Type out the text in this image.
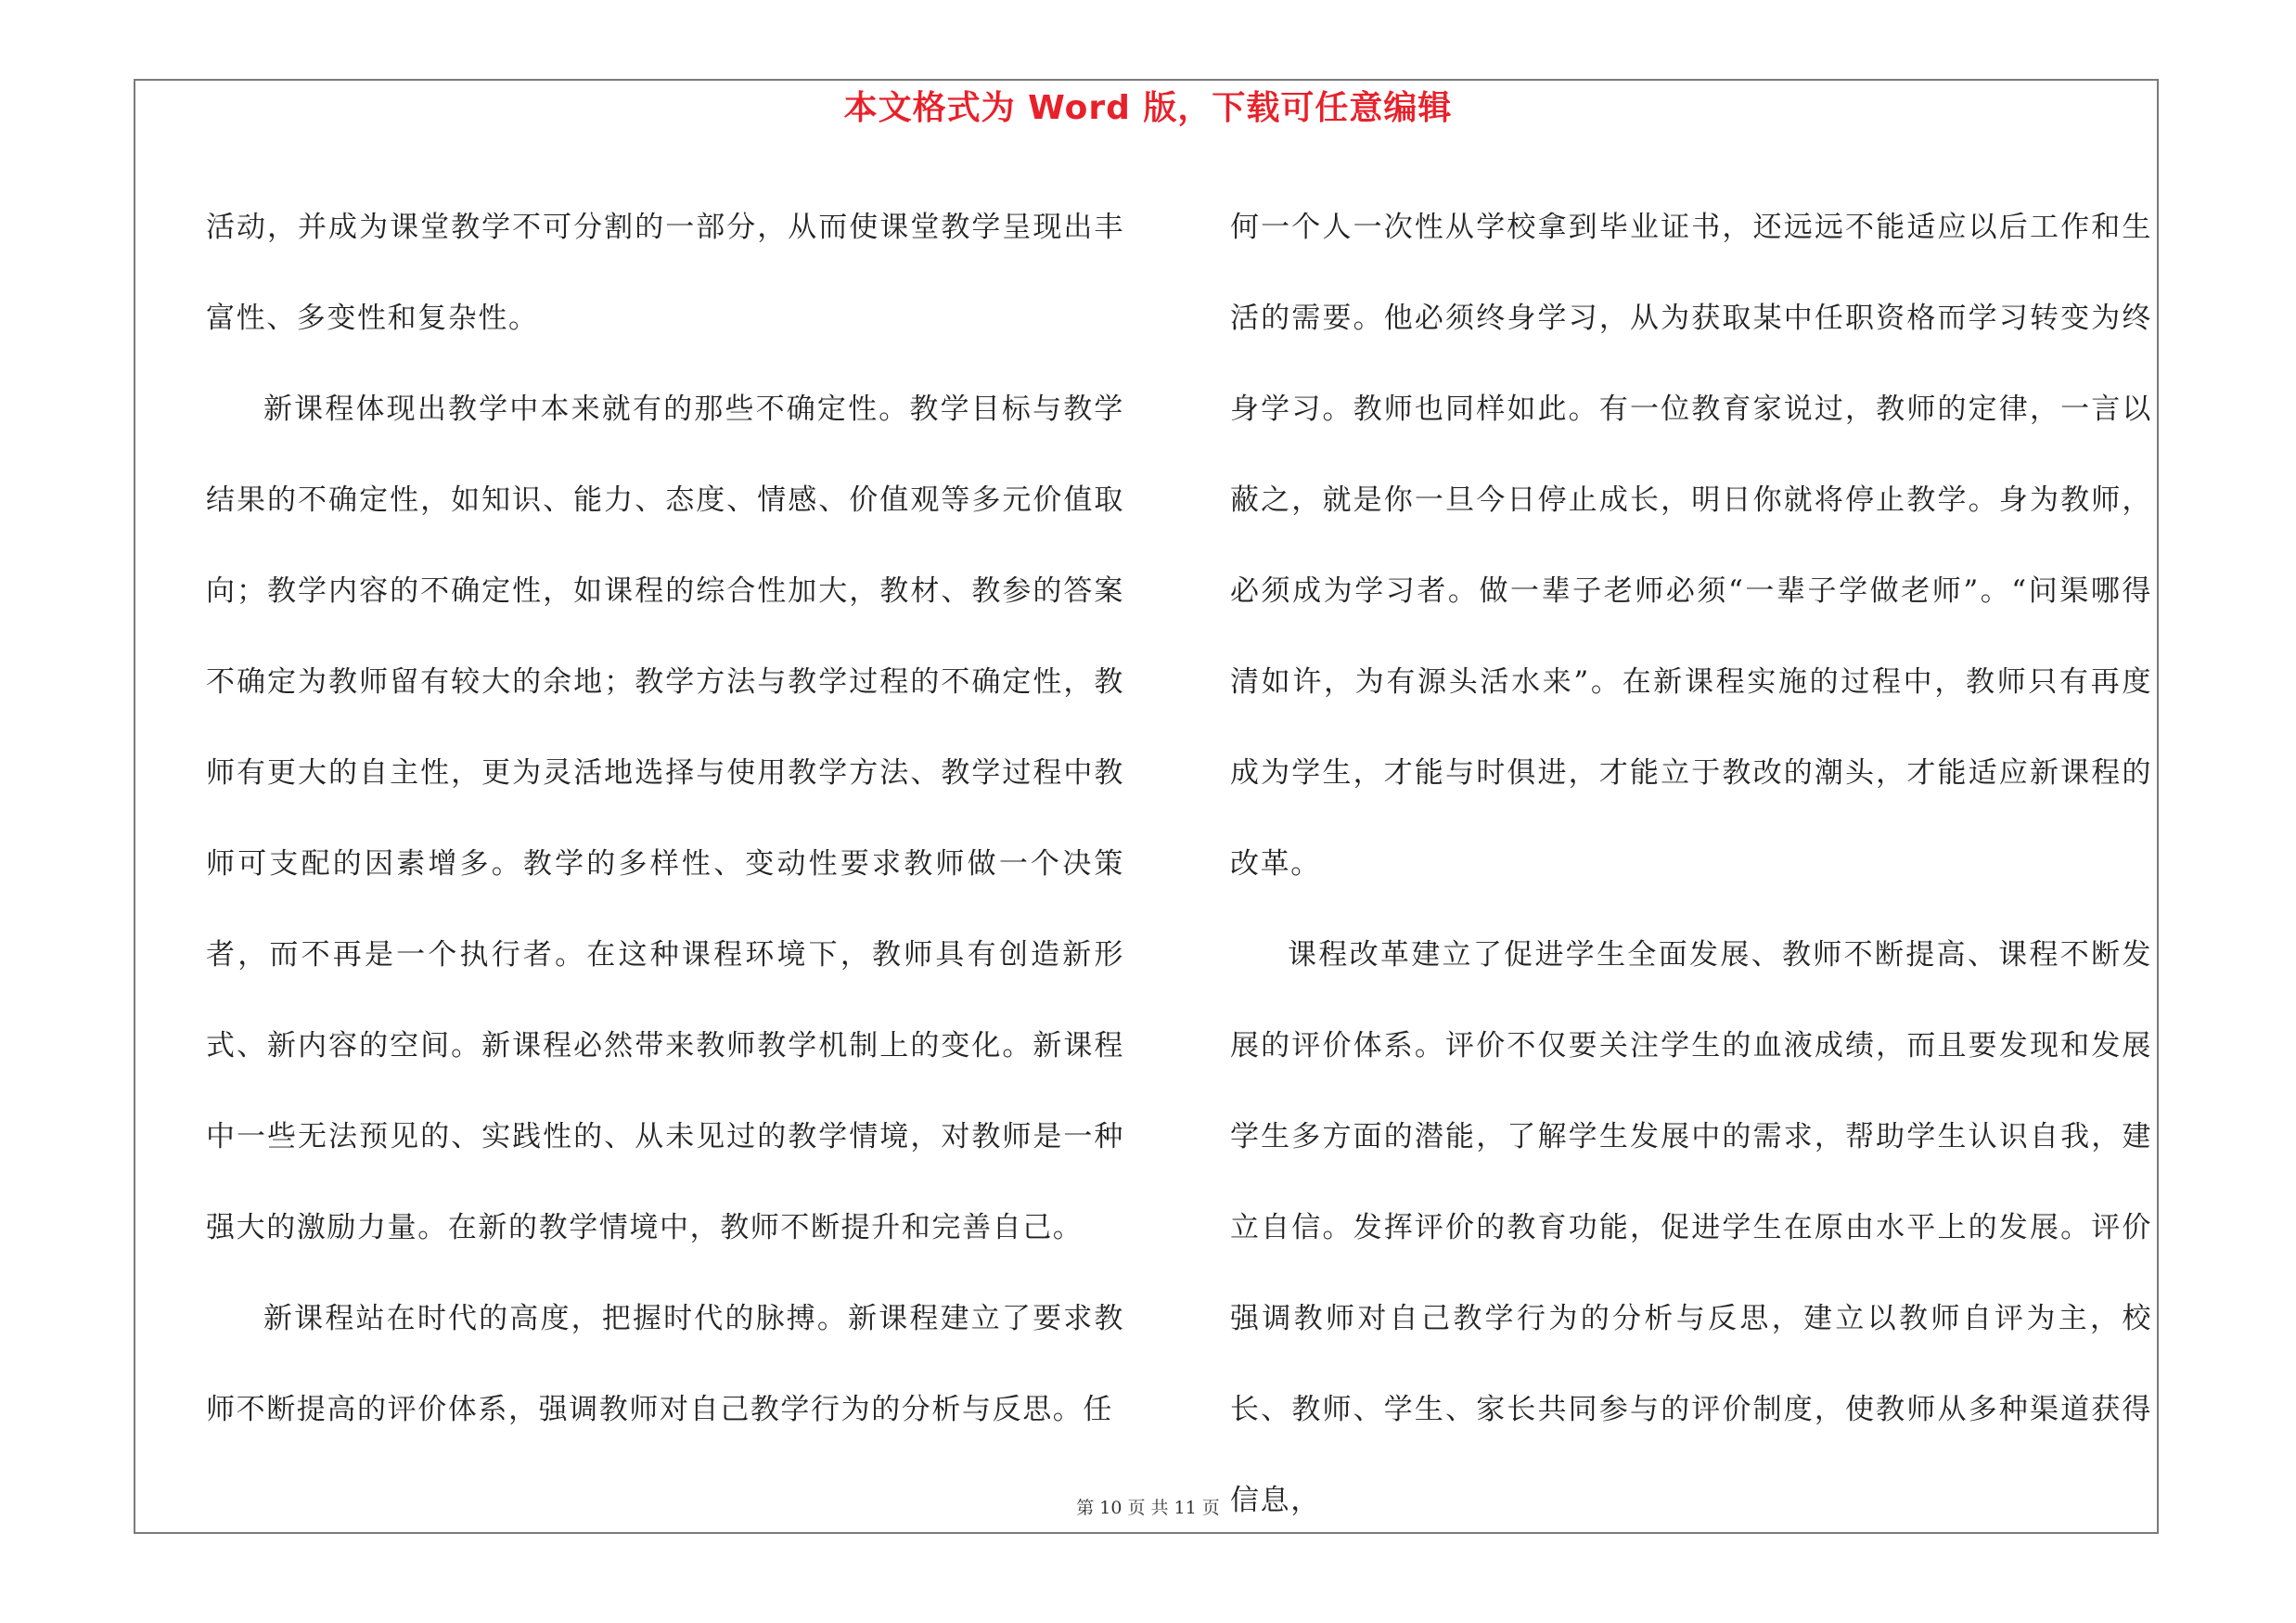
本文格式为 Word 版，下载可任意编辑

活动，并成为课堂教学不可分割的一部分，从而使课堂教学呈现出丰富性、多变性和复杂性。

新课程体现出教学中本来就有的那些不确定性。教学目标与教学结果的不确定性，如知识、能力、态度、情感、价值观等多元价值取向；教学内容的不确定性，如课程的综合性加大，教材、教参的答案不确定为教师留有较大的余地；教学方法与教学过程的不确定性，教师有更大的自主性，更为灵活地选择与使用教学方法、教学过程中教师可支配的因素增多。教学的多样性、变动性要求教师做一个决策者，而不再是一个执行者。在这种课程环境下，教师具有创造新形式、新内容的空间。新课程必然带来教师教学机制上的变化。新课程中一些无法预见的、实践性的、从未见过的教学情境，对教师是一种强大的激励力量。在新的教学情境中，教师不断提升和完善自己。

新课程站在时代的高度，把握时代的脉搏。新课程建立了要求教师不断提高的评价体系，强调教师对自己教学行为的分析与反思。任

何一个人一次性从学校拿到毕业证书，还远远不能适应以后工作和生活的需要。他必须终身学习，从为获取某中任职资格而学习转变为终身学习。教师也同样如此。有一位教育家说过，教师的定律，一言以蔽之，就是你一旦今日停止成长，明日你就将停止教学。身为教师，必须成为学习者。做一辈子老师必须“一辈子学做老师”。“问渠哪得清如许，为有源头活水来”。在新课程实施的过程中，教师只有再度成为学生，才能与时俱进，才能立于教改的潮头，才能适应新课程的改革。

课程改革建立了促进学生全面发展、教师不断提高、课程不断发展的评价体系。评价不仅要关注学生的血液成绩，而且要发现和发展学生多方面的潜能，了解学生发展中的需求，帮助学生认识自我，建立自信。发挥评价的教育功能，促进学生在原由水平上的发展。评价强调教师对自己教学行为的分析与反思，建立以教师自评为主，校长、教师、学生、家长共同参与的评价制度，使教师从多种渠道获得信息，

第 10 页 共 11 页
